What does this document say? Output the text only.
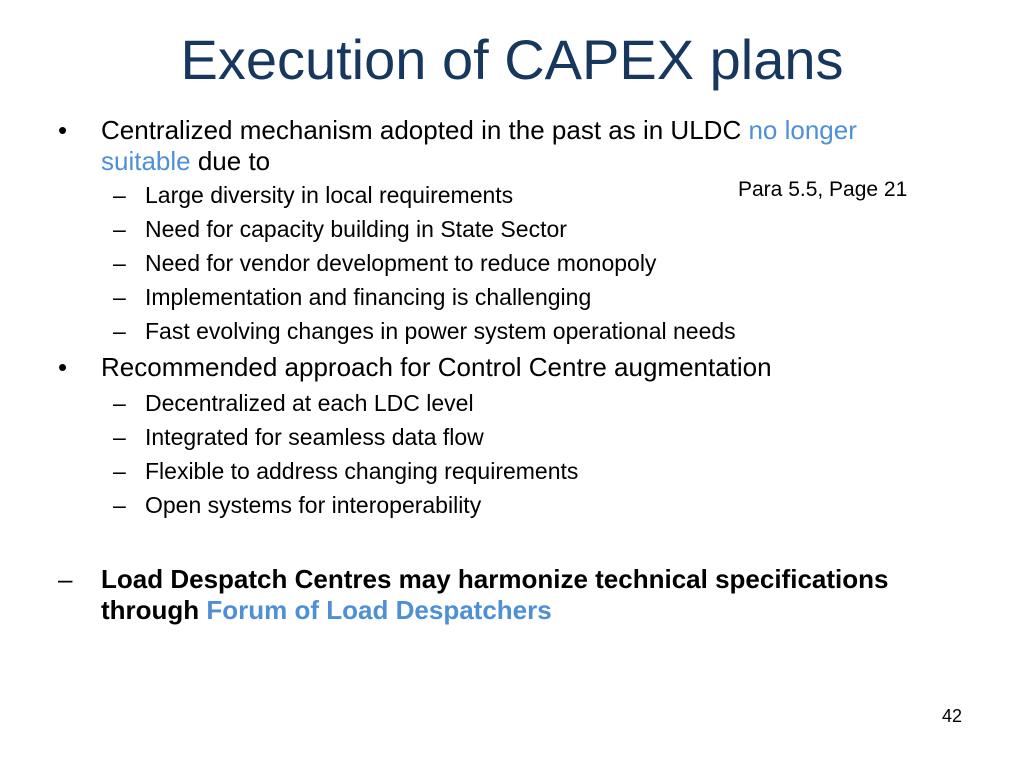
Execution of CAPEX plans
Para 5.5, Page 21
• Centralized mechanism adopted in the past as in ULDC no longer suitable due to
– Large diversity in local requirements
– Need for capacity building in State Sector
– Need for vendor development to reduce monopoly
– Implementation and financing is challenging
– Fast evolving changes in power system operational needs
• Recommended approach for Control Centre augmentation
– Decentralized at each LDC level
– Integrated for seamless data flow
– Flexible to address changing requirements
– Open systems for interoperability
– Load Despatch Centres may harmonize technical specifications through Forum of Load Despatchers
42
